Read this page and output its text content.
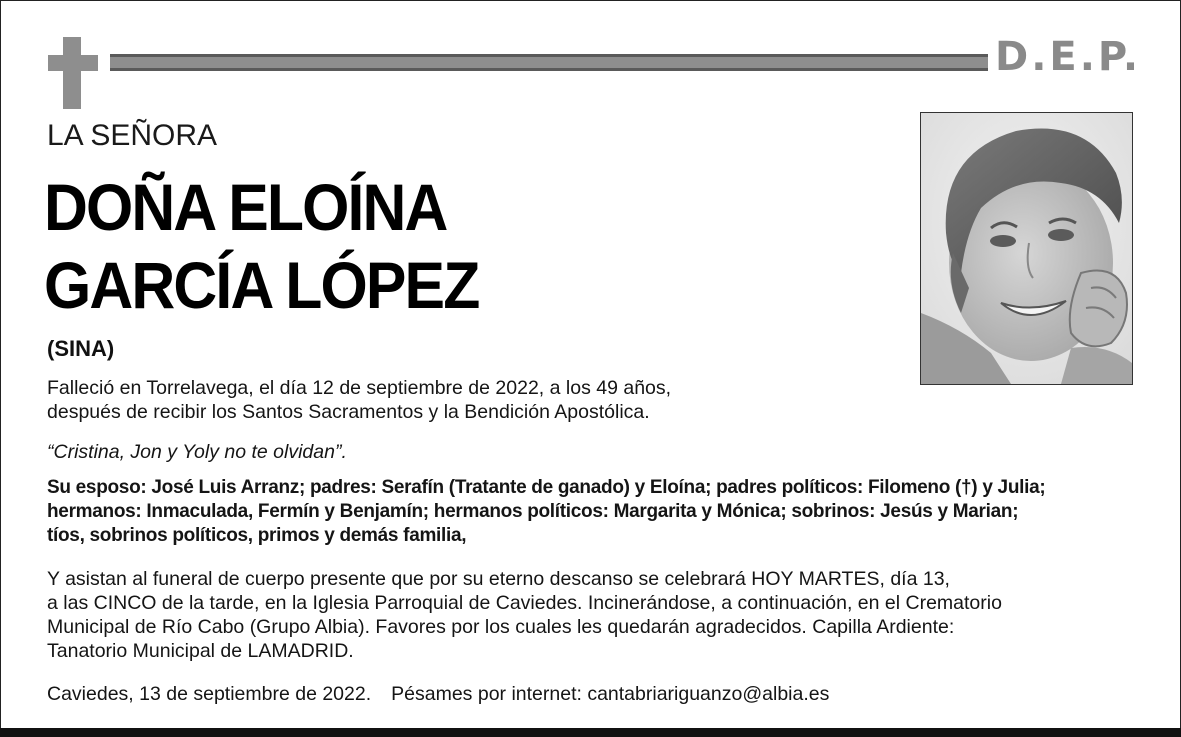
D.E.P.
LA SEÑORA
DOÑA ELOÍNA
GARCÍA LÓPEZ
(SINA)

Falleció en Torrelavega, el día 12 de septiembre de 2022, a los 49 años,
después de recibir los Santos Sacramentos y la Bendición Apostólica.

“Cristina, Jon y Yoly no te olvidan”.

Su esposo: José Luis Arranz; padres: Serafín (Tratante de ganado) y Eloína; padres políticos: Filomeno (†) y Julia;
hermanos: Inmaculada, Fermín y Benjamín; hermanos políticos: Margarita y Mónica; sobrinos: Jesús y Marian;
tíos, sobrinos políticos, primos y demás familia,

Y asistan al funeral de cuerpo presente que por su eterno descanso se celebrará HOY MARTES, día 13,
a las CINCO de la tarde, en la Iglesia Parroquial de Caviedes. Incinerándose, a continuación, en el Crematorio
Municipal de Río Cabo (Grupo Albia). Favores por los cuales les quedarán agradecidos. Capilla Ardiente:
Tanatorio Municipal de LAMADRID.

Caviedes, 13 de septiembre de 2022. Pésames por internet: cantabriariguanzo@albia.es
